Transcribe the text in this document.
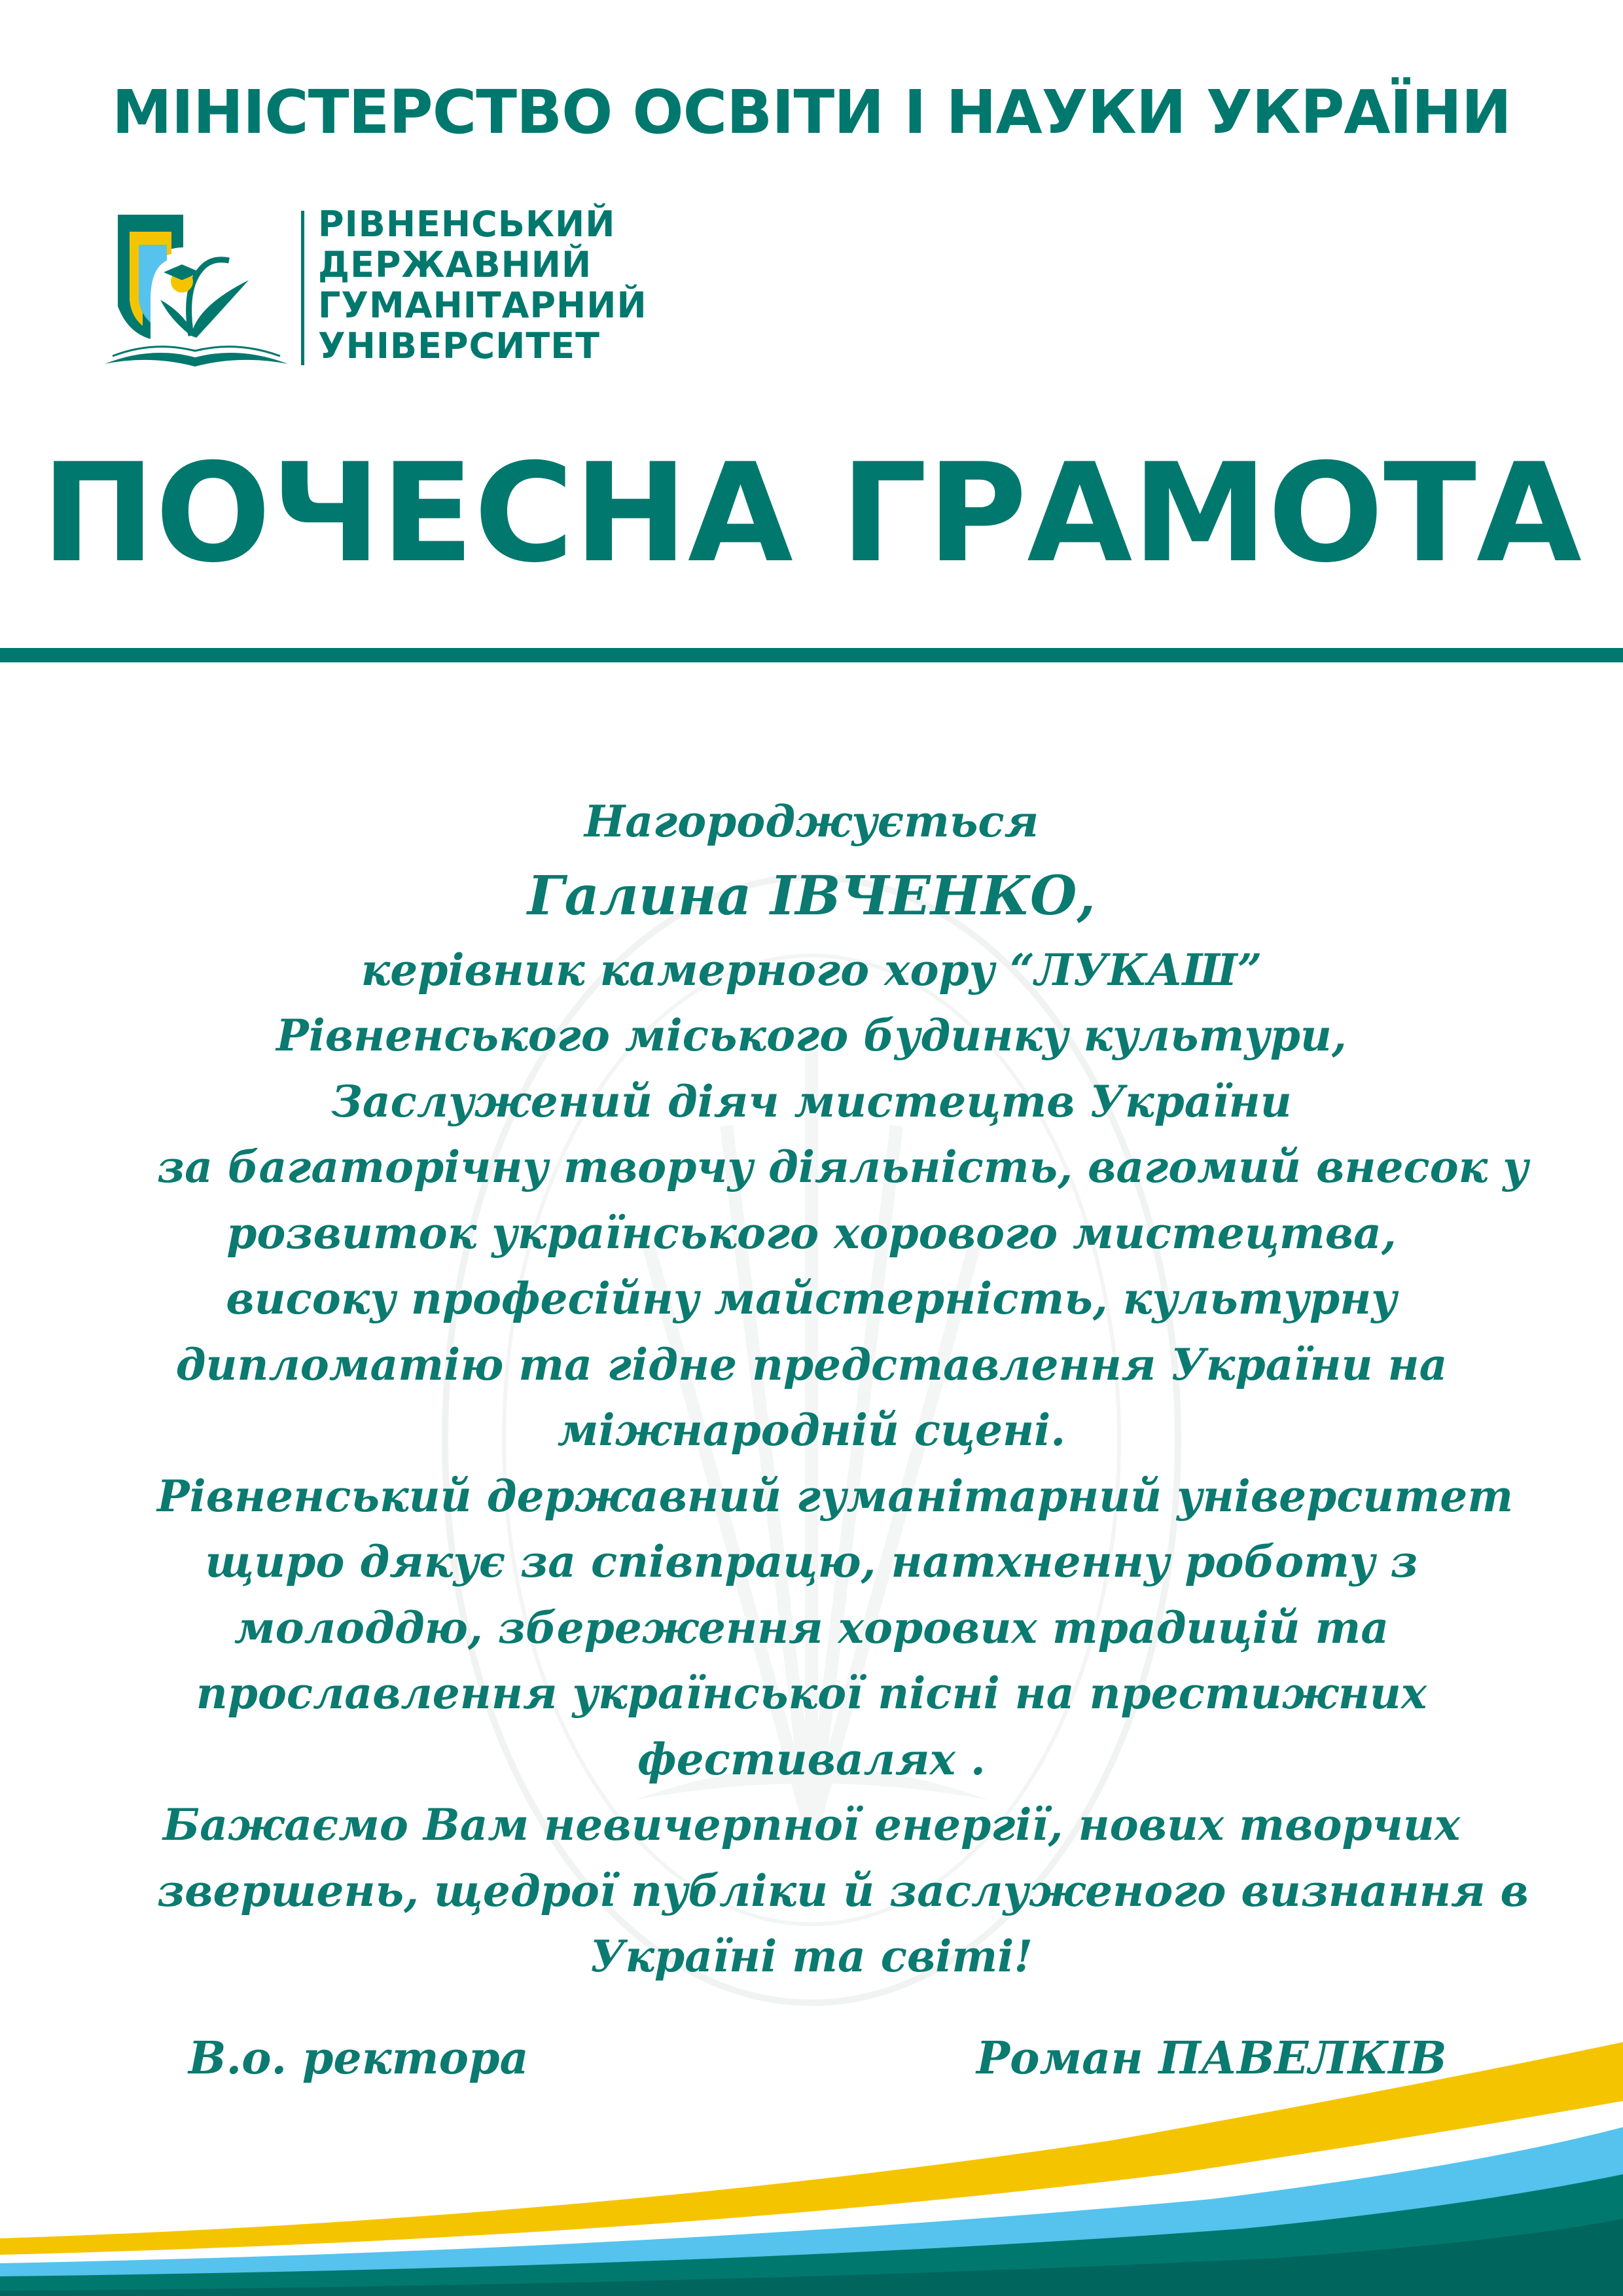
МІНІСТЕРСТВО ОСВІТИ І НАУКИ УКРАЇНИ
РІВНЕНСЬКИЙ
ДЕРЖАВНИЙ
ГУМАНІТАРНИЙ
УНІВЕРСИТЕТ
ПОЧЕСНА ГРАМОТА
Нагороджується
Галина ІВЧЕНКО,
керівник камерного хору “ЛУКАШ”
Рівненського міського будинку культури,
Заслужений діяч мистецтв України
за багаторічну творчу діяльність, вагомий внесок у
розвиток українського хорового мистецтва,
високу професійну майстерність, культурну
дипломатію та гідне представлення України на
міжнародній сцені.
Рівненський державний гуманітарний університет
щиро дякує за співпрацю, натхненну роботу з
молоддю, збереження хорових традицій та
прославлення української пісні на престижних
фестивалях .
Бажаємо Вам невичерпної енергії, нових творчих
звершень, щедрої публіки й заслуженого визнання в
Україні та світі!
В.о. ректора	Роман ПАВЕЛКІВ
